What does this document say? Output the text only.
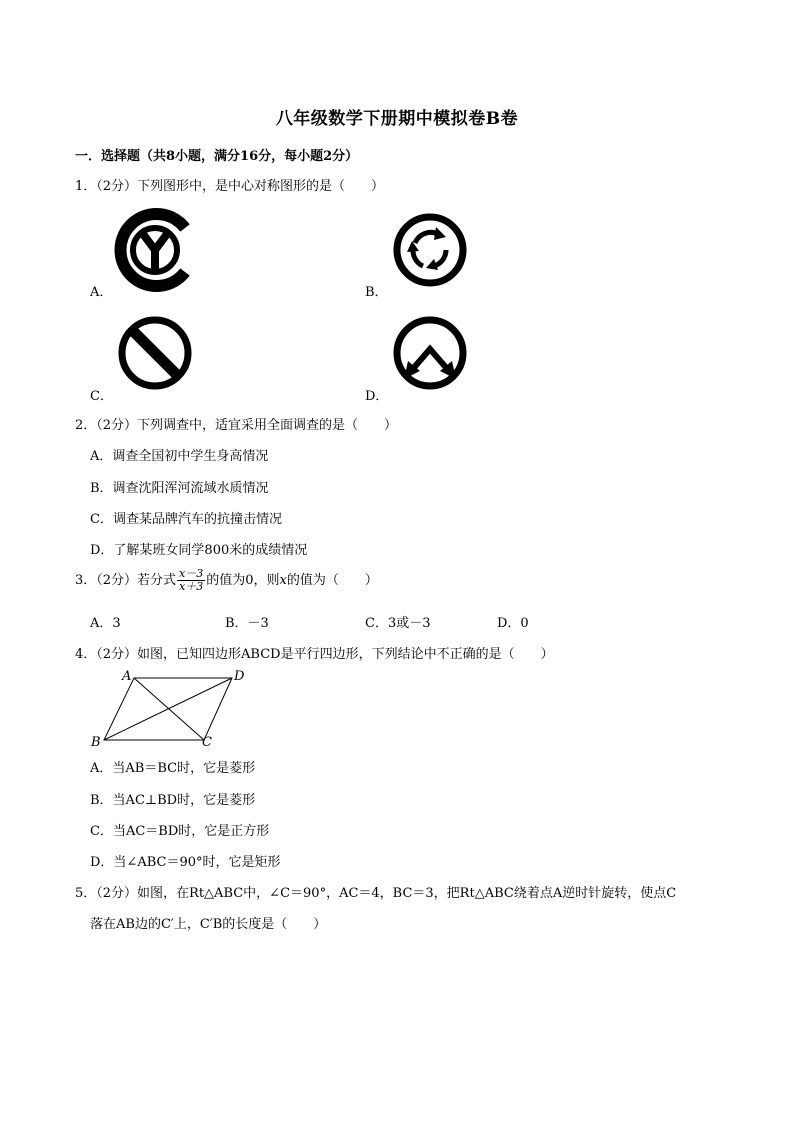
八年级数学下册期中模拟卷B卷
一．选择题（共8小题，满分16分，每小题2分）
1．（2分）下列图形中，是中心对称图形的是（　　）
A．	B．
C．	D．
2．（2分）下列调查中，适宜采用全面调查的是（　　）
A．调查全国初中学生身高情况
B．调查沈阳浑河流域水质情况
C．调查某品牌汽车的抗撞击情况
D．了解某班女同学800米的成绩情况
3．（2分）若分式 $\frac{x-3}{x+3}$ 的值为0，则x的值为（　　）
A．3	B．－3	C．3或－3	D．0
4．（2分）如图，已知四边形ABCD是平行四边形，下列结论中不正确的是（　　）
A	D
B	C
A．当AB＝BC时，它是菱形
B．当AC⊥BD时，它是菱形
C．当AC＝BD时，它是正方形
D．当∠ABC＝90°时，它是矩形
5．（2分）如图，在Rt△ABC中，∠C＝90°，AC＝4，BC＝3，把Rt△ABC绕着点A逆时针旋转，使点C
落在AB边的C′上，C′B的长度是（　　）
